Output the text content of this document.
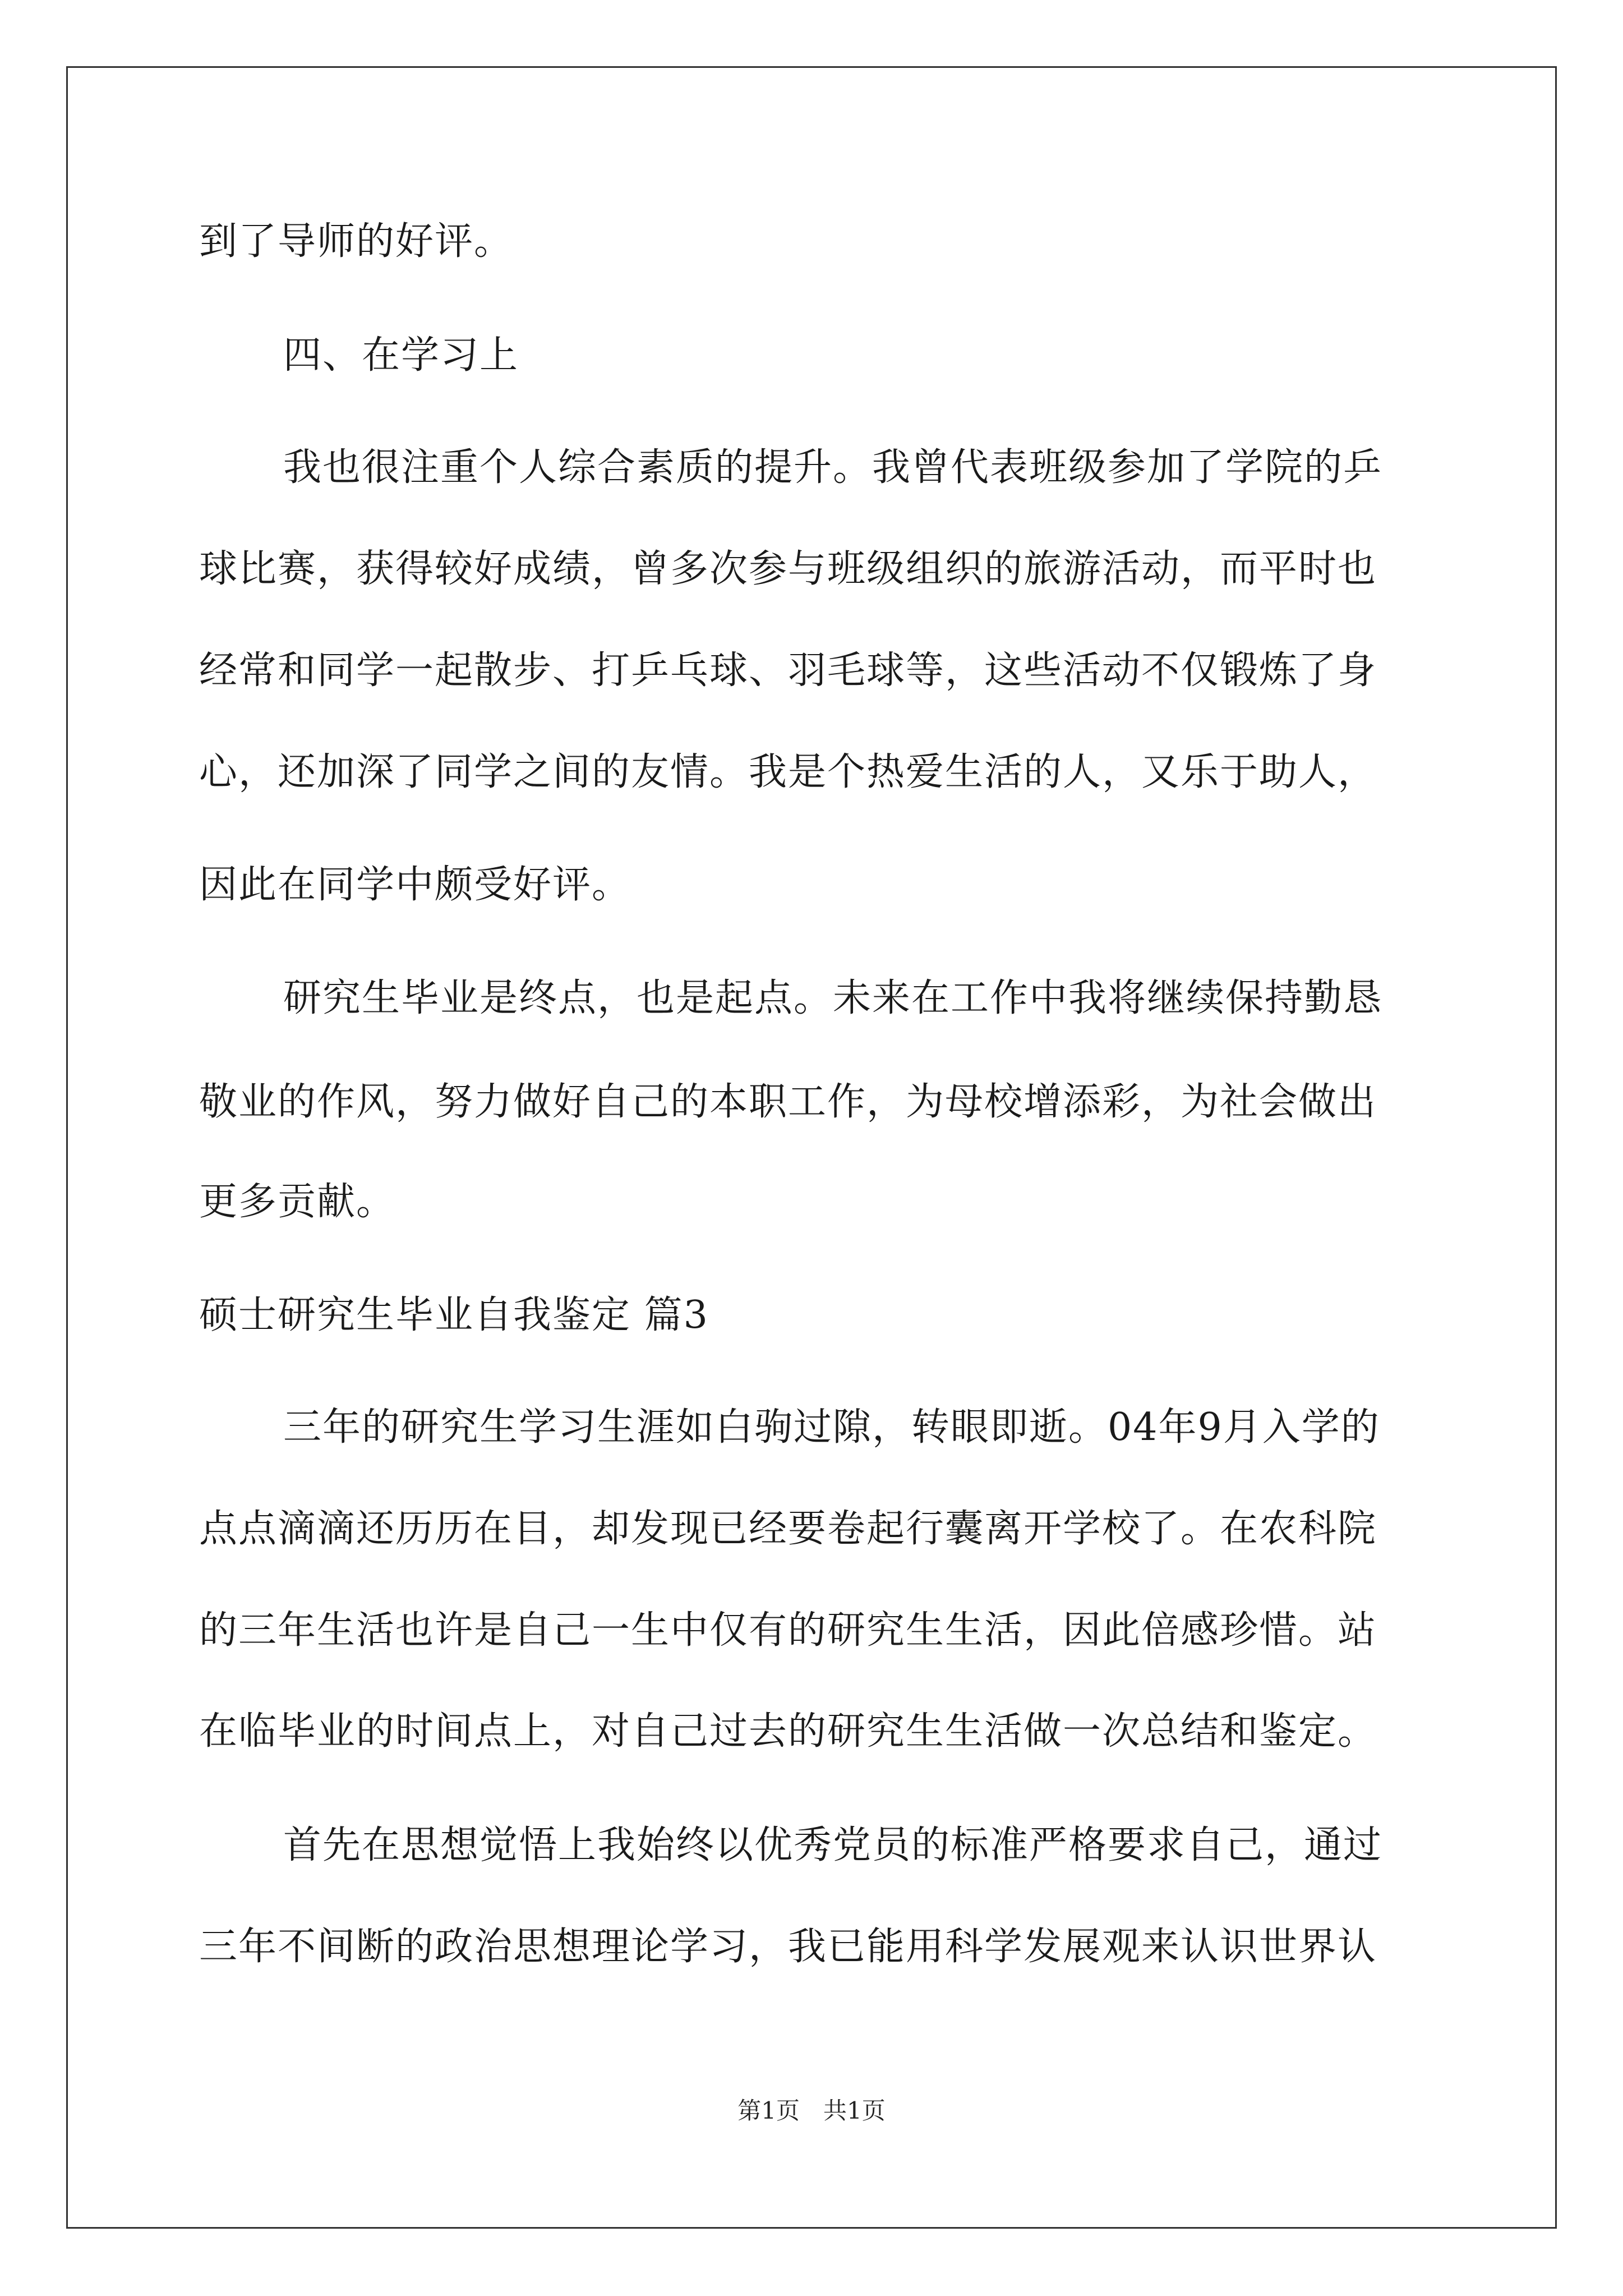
到了导师的好评。
四、在学习上
我也很注重个人综合素质的提升。我曾代表班级参加了学院的乒
球比赛，获得较好成绩，曾多次参与班级组织的旅游活动，而平时也
经常和同学一起散步、打乒乓球、羽毛球等，这些活动不仅锻炼了身
心，还加深了同学之间的友情。我是个热爱生活的人，又乐于助人，
因此在同学中颇受好评。
研究生毕业是终点，也是起点。未来在工作中我将继续保持勤恳
敬业的作风，努力做好自己的本职工作，为母校增添彩，为社会做出
更多贡献。
硕士研究生毕业自我鉴定 篇3
三年的研究生学习生涯如白驹过隙，转眼即逝。04年9月入学的
点点滴滴还历历在目，却发现已经要卷起行囊离开学校了。在农科院
的三年生活也许是自己一生中仅有的研究生生活，因此倍感珍惜。站
在临毕业的时间点上，对自己过去的研究生生活做一次总结和鉴定。
首先在思想觉悟上我始终以优秀党员的标准严格要求自己，通过
三年不间断的政治思想理论学习，我已能用科学发展观来认识世界认
第1页　共1页
